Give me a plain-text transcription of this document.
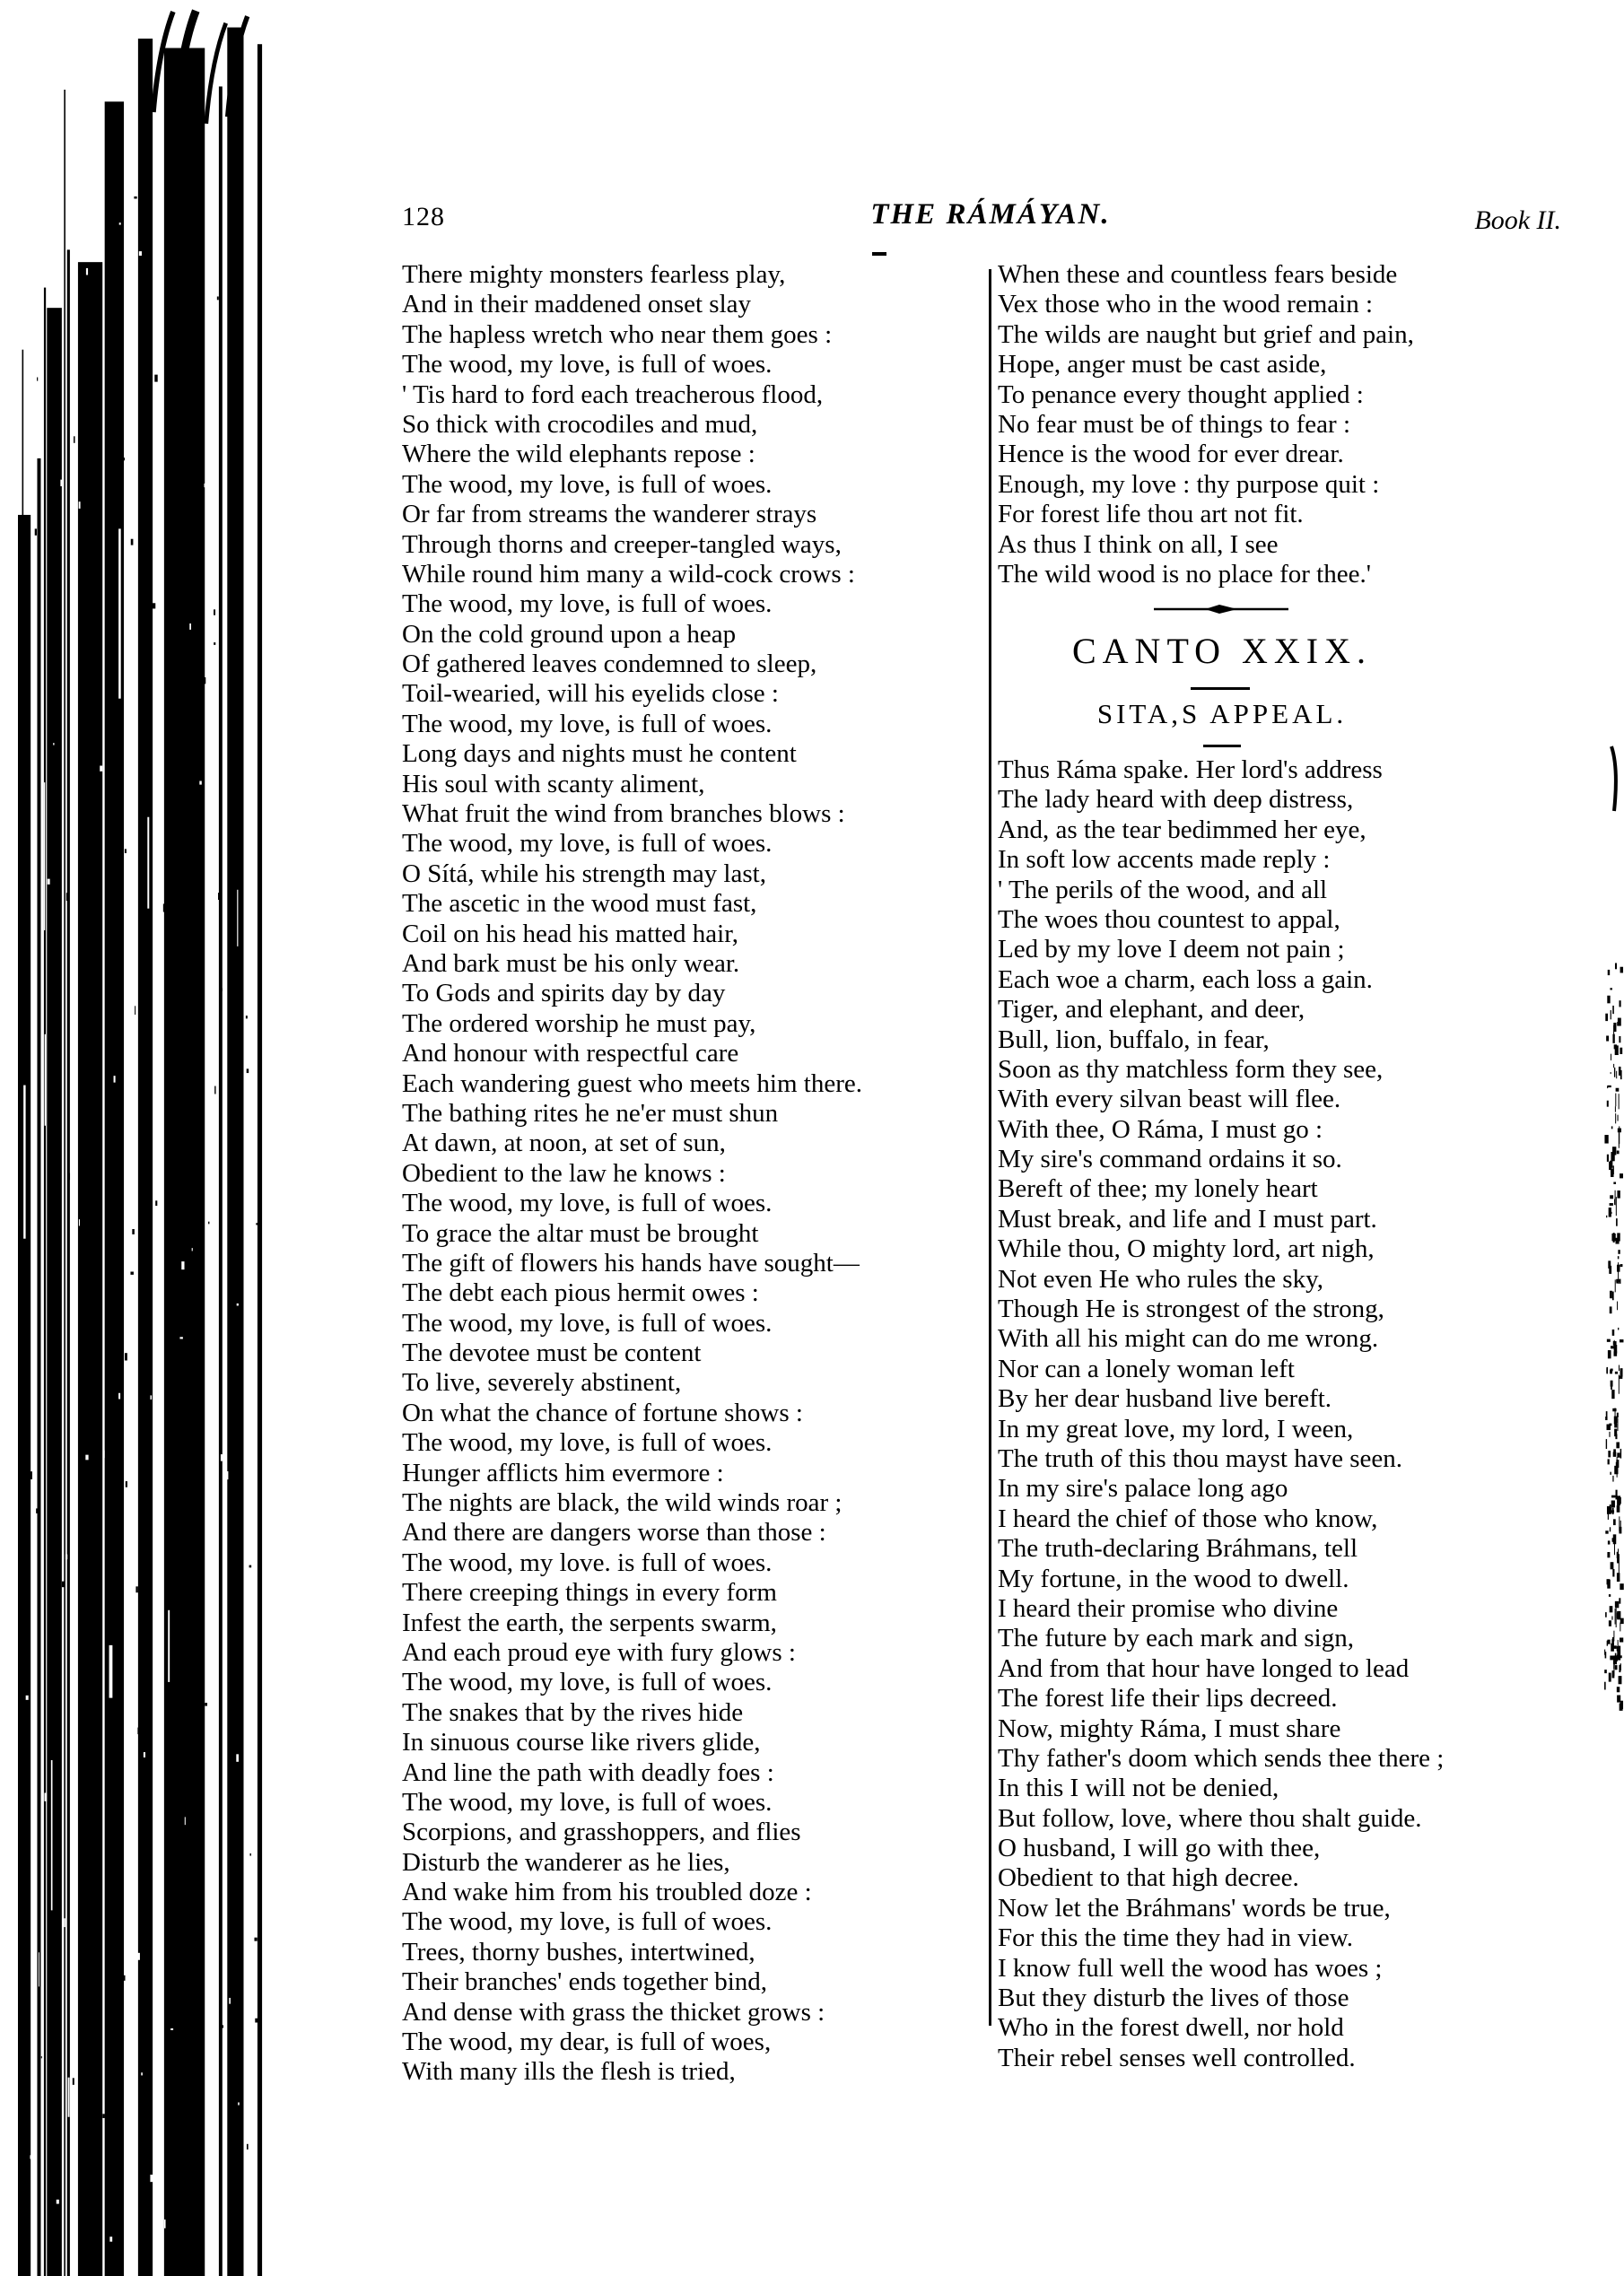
128	THE RÁMÁYAN.	Book II.
There mighty monsters fearless play,
And in their maddened onset slay
The hapless wretch who near them goes :
The wood, my love, is full of woes.
' Tis hard to ford each treacherous flood,
So thick with crocodiles and mud,
Where the wild elephants repose :
The wood, my love, is full of woes.
Or far from streams the wanderer strays
Through thorns and creeper-tangled ways,
While round him many a wild-cock crows :
The wood, my love, is full of woes.
On the cold ground upon a heap
Of gathered leaves condemned to sleep,
Toil-wearied, will his eyelids close :
The wood, my love, is full of woes.
Long days and nights must he content
His soul with scanty aliment,
What fruit the wind from branches blows :
The wood, my love, is full of woes.
O Sítá, while his strength may last,
The ascetic in the wood must fast,
Coil on his head his matted hair,
And bark must be his only wear.
To Gods and spirits day by day
The ordered worship he must pay,
And honour with respectful care
Each wandering guest who meets him there.
The bathing rites he ne'er must shun
At dawn, at noon, at set of sun,
Obedient to the law he knows :
The wood, my love, is full of woes.
To grace the altar must be brought
The gift of flowers his hands have sought—
The debt each pious hermit owes :
The wood, my love, is full of woes.
The devotee must be content
To live, severely abstinent,
On what the chance of fortune shows :
The wood, my love, is full of woes.
Hunger afflicts him evermore :
The nights are black, the wild winds roar ;
And there are dangers worse than those :
The wood, my love. is full of woes.
There creeping things in every form
Infest the earth, the serpents swarm,
And each proud eye with fury glows :
The wood, my love, is full of woes.
The snakes that by the rives hide
In sinuous course like rivers glide,
And line the path with deadly foes :
The wood, my love, is full of woes.
Scorpions, and grasshoppers, and flies
Disturb the wanderer as he lies,
And wake him from his troubled doze :
The wood, my love, is full of woes.
Trees, thorny bushes, intertwined,
Their branches' ends together bind,
And dense with grass the thicket grows :
The wood, my dear, is full of woes,
With many ills the flesh is tried,
When these and countless fears beside
Vex those who in the wood remain :
The wilds are naught but grief and pain,
Hope, anger must be cast aside,
To penance every thought applied :
No fear must be of things to fear :
Hence is the wood for ever drear.
Enough, my love : thy purpose quit :
For forest life thou art not fit.
As thus I think on all, I see
The wild wood is no place for thee.'
CANTO XXIX.
SITA,S APPEAL.
Thus Ráma spake. Her lord's address
The lady heard with deep distress,
And, as the tear bedimmed her eye,
In soft low accents made reply :
' The perils of the wood, and all
The woes thou countest to appal,
Led by my love I deem not pain ;
Each woe a charm, each loss a gain.
Tiger, and elephant, and deer,
Bull, lion, buffalo, in fear,
Soon as thy matchless form they see,
With every silvan beast will flee.
With thee, O Ráma, I must go :
My sire's command ordains it so.
Bereft of thee; my lonely heart
Must break, and life and I must part.
While thou, O mighty lord, art nigh,
Not even He who rules the sky,
Though He is strongest of the strong,
With all his might can do me wrong.
Nor can a lonely woman left
By her dear husband live bereft.
In my great love, my lord, I ween,
The truth of this thou mayst have seen.
In my sire's palace long ago
I heard the chief of those who know,
The truth-declaring Bráhmans, tell
My fortune, in the wood to dwell.
I heard their promise who divine
The future by each mark and sign,
And from that hour have longed to lead
The forest life their lips decreed.
Now, mighty Ráma, I must share
Thy father's doom which sends thee there ;
In this I will not be denied,
But follow, love, where thou shalt guide.
O husband, I will go with thee,
Obedient to that high decree.
Now let the Bráhmans' words be true,
For this the time they had in view.
I know full well the wood has woes ;
But they disturb the lives of those
Who in the forest dwell, nor hold
Their rebel senses well controlled.
